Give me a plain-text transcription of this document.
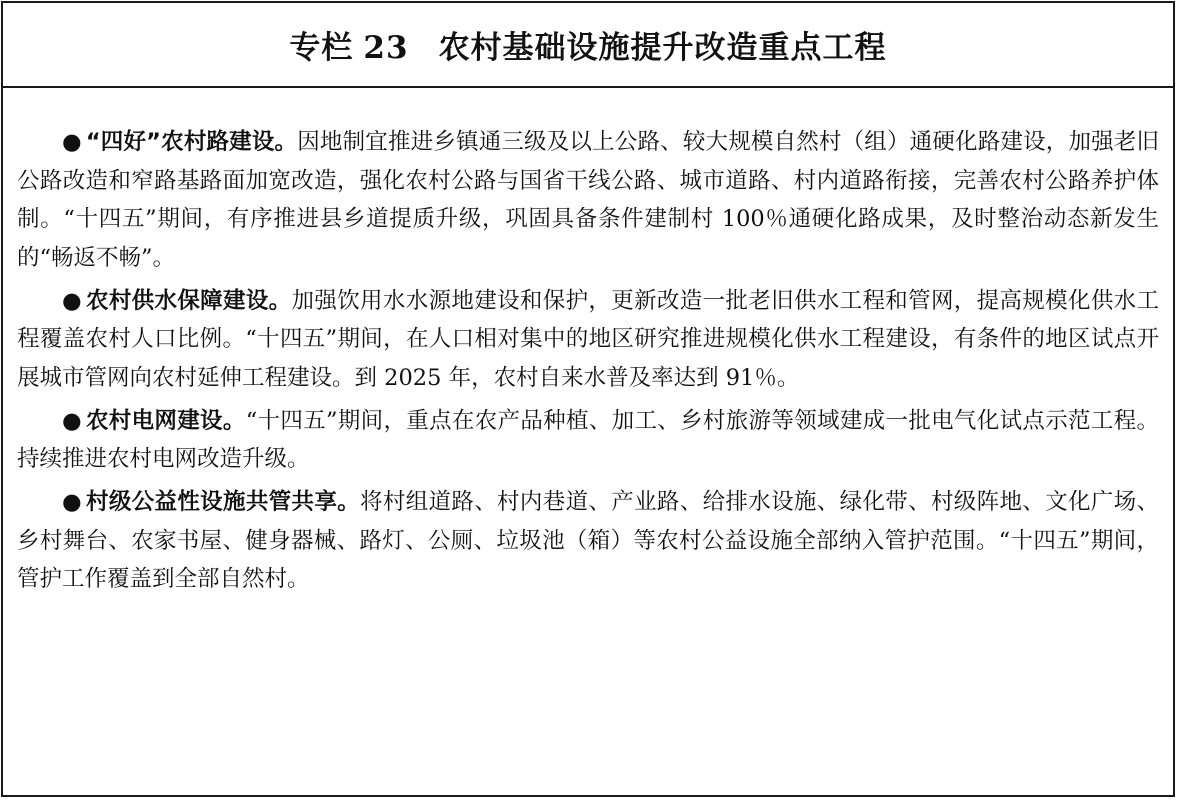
专栏 23 农村基础设施提升改造重点工程

● “四好”农村路建设。因地制宜推进乡镇通三级及以上公路、较大规模自然村（组）通硬化路建设，加强老旧公路改造和窄路基路面加宽改造，强化农村公路与国省干线公路、城市道路、村内道路衔接，完善农村公路养护体制。“十四五”期间，有序推进县乡道提质升级，巩固具备条件建制村 100％通硬化路成果，及时整治动态新发生的“畅返不畅”。

● 农村供水保障建设。加强饮用水水源地建设和保护，更新改造一批老旧供水工程和管网，提高规模化供水工程覆盖农村人口比例。“十四五”期间，在人口相对集中的地区研究推进规模化供水工程建设，有条件的地区试点开展城市管网向农村延伸工程建设。到 2025 年，农村自来水普及率达到 91％。

● 农村电网建设。“十四五”期间，重点在农产品种植、加工、乡村旅游等领域建成一批电气化试点示范工程。持续推进农村电网改造升级。

● 村级公益性设施共管共享。将村组道路、村内巷道、产业路、给排水设施、绿化带、村级阵地、文化广场、乡村舞台、农家书屋、健身器械、路灯、公厕、垃圾池（箱）等农村公益设施全部纳入管护范围。“十四五”期间，管护工作覆盖到全部自然村。
